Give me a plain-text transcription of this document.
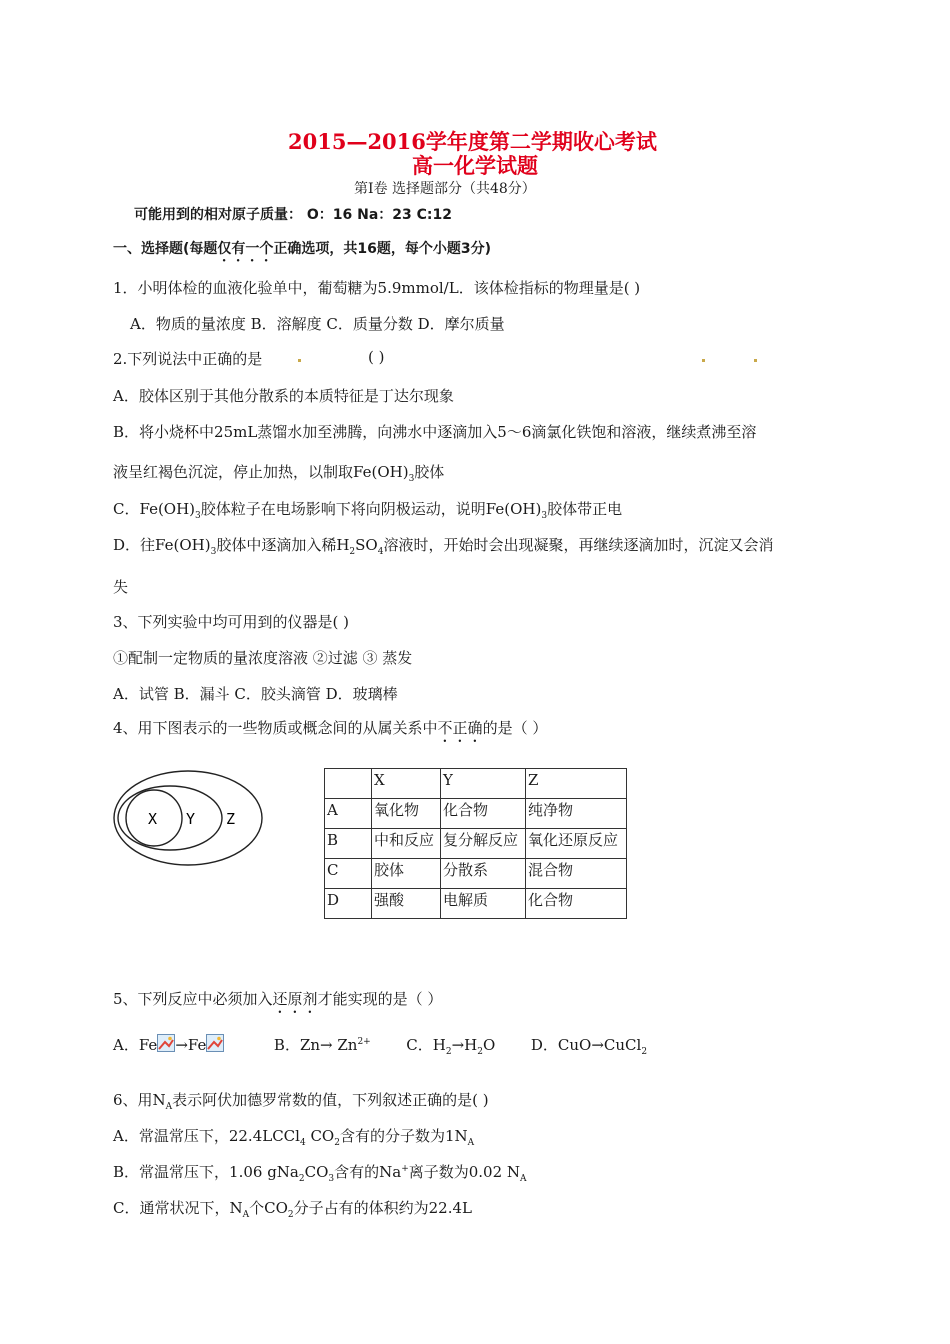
2015—2016学年度第二学期收心考试
高一化学试题
第Ⅰ卷 选择题部分（共48分）
可能用到的相对原子质量： O：16 Na：23 C:12
一、选择题(每题仅有一个正确选项，共16题，每个小题3分)
1．小明体检的血液化验单中，葡萄糖为5.9mmol/L．该体检指标的物理量是( )
A．物质的量浓度 B．溶解度 C．质量分数 D．摩尔质量
2.下列说法中正确的是	( )
A．胶体区别于其他分散系的本质特征是丁达尔现象
B．将小烧杯中25mL蒸馏水加至沸腾，向沸水中逐滴加入5～6滴氯化铁饱和溶液，继续煮沸至溶
液呈红褐色沉淀，停止加热，以制取$Fe(OH)_3$胶体
C．$Fe(OH)_3$胶体粒子在电场影响下将向阴极运动，说明$Fe(OH)_3$胶体带正电
D．往$Fe(OH)_3$胶体中逐滴加入稀$H_2SO_4$溶液时，开始时会出现凝聚，再继续逐滴加时，沉淀又会消
失
3、下列实验中均可用到的仪器是( )
①配制一定物质的量浓度溶液 ②过滤 ③ 蒸发
A．试管 B．漏斗 C．胶头滴管 D．玻璃棒
4、用下图表示的一些物质或概念间的从属关系中不正确的是（ ）
X Y Z
	X	Y	Z
A	氧化物	化合物	纯净物
B	中和反应	复分解反应	氧化还原反应
C	胶体	分散系	混合物
D	强酸	电解质	化合物
5、下列反应中必须加入还原剂才能实现的是（ ）
A．Fe →Fe	B．$Zn\to Zn^{2+}$ C．$H_2\to H_2O$ D．CuO→CuCl$_2$
6、用$N_A$表示阿伏加德罗常数的值，下列叙述正确的是( )
A．常温常压下，22.4LCCl$_4$ $CO_2$含有的分子数为$1N_A$
B．常温常压下，1.06 $gNa_2CO_3$含有的Na+离子数为0.02 $N_A$
C．通常状况下，$N_A$个$CO_2$分子占有的体积约为22.4L
